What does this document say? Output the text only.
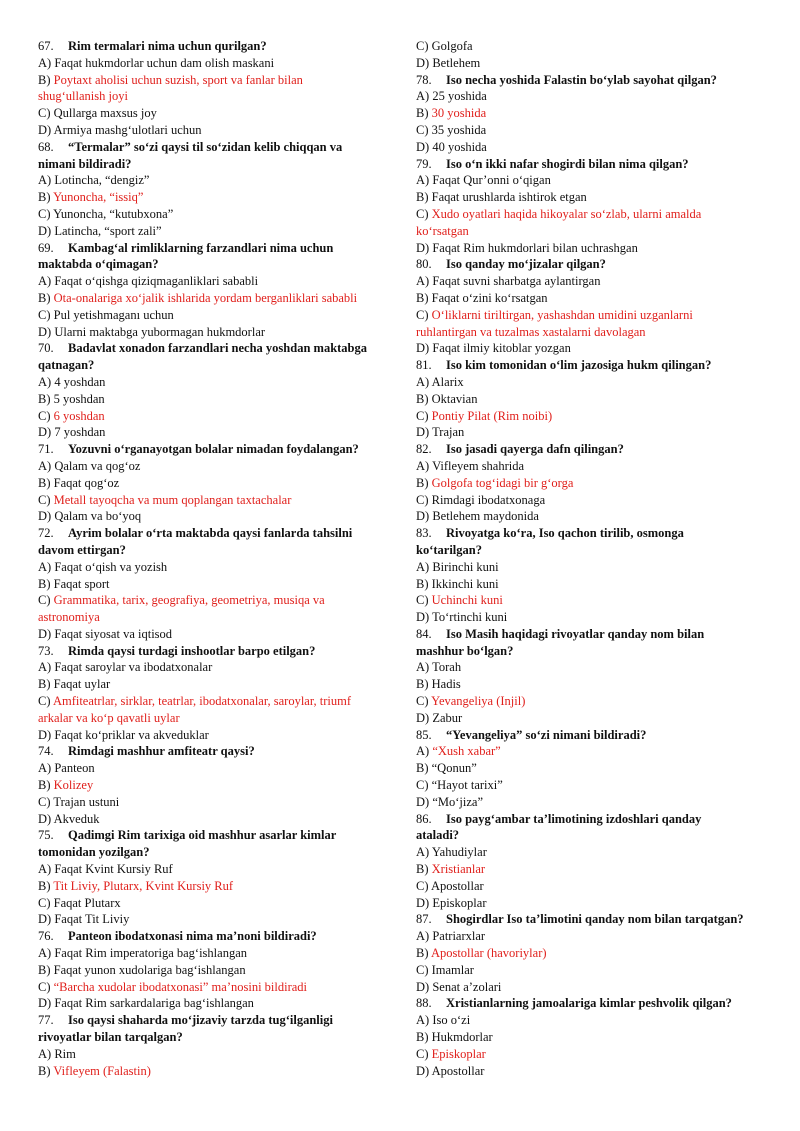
67. Rim termalari nima uchun qurilgan?

A) Faqat hukmdorlar uchun dam olish maskani

B) Poytaxt aholisi uchun suzish, sport va fanlar bilan

shug‘ullanish joyi

C) Qullarga maxsus joy

D) Armiya mashg‘ulotlari uchun

68. “Termalar” so‘zi qaysi til so‘zidan kelib chiqqan va

nimani bildiradi?

A) Lotincha, “dengiz”

B) Yunoncha, “issiq”

C) Yunoncha, “kutubxona”

D) Latincha, “sport zali”

69. Kambag‘al rimliklarning farzandlari nima uchun

maktabda o‘qimagan?

A) Faqat o‘qishga qiziqmaganliklari sababli

B) Ota-onalariga xo‘jalik ishlarida yordam berganliklari sababli

C) Pul yetishmaganı uchun

D) Ularni maktabga yubormagan hukmdorlar

70. Badavlat xonadon farzandlari necha yoshdan maktabga

qatnagan?

A) 4 yoshdan

B) 5 yoshdan

C) 6 yoshdan

D) 7 yoshdan

71. Yozuvni o‘rganayotgan bolalar nimadan foydalangan?

A) Qalam va qog‘oz

B) Faqat qog‘oz

C) Metall tayoqcha va mum qoplangan taxtachalar

D) Qalam va bo‘yoq

72. Ayrim bolalar o‘rta maktabda qaysi fanlarda tahsilni

davom ettirgan?

A) Faqat o‘qish va yozish

B) Faqat sport

C) Grammatika, tarix, geografiya, geometriya, musiqa va

astronomiya

D) Faqat siyosat va iqtisod

73. Rimda qaysi turdagi inshootlar barpo etilgan?

A) Faqat saroylar va ibodatxonalar

B) Faqat uylar

C) Amfiteatrlar, sirklar, teatrlar, ibodatxonalar, saroylar, triumf

arkalar va ko‘p qavatli uylar

D) Faqat ko‘priklar va akveduklar

74. Rimdagi mashhur amfiteatr qaysi?

A) Panteon

B) Kolizey

C) Trajan ustuni

D) Akveduk

75. Qadimgi Rim tarixiga oid mashhur asarlar kimlar

tomonidan yozilgan?

A) Faqat Kvint Kursiy Ruf

B) Tit Liviy, Plutarx, Kvint Kursiy Ruf

C) Faqat Plutarx

D) Faqat Tit Liviy

76. Panteon ibodatxonasi nima ma’noni bildiradi?

A) Faqat Rim imperatoriga bag‘ishlangan

B) Faqat yunon xudolariga bag‘ishlangan

C) “Barcha xudolar ibodatxonasi” ma’nosini bildiradi

D) Faqat Rim sarkardalariga bag‘ishlangan

77. Iso qaysi shaharda mo‘jizaviy tarzda tug‘ilganligi

rivoyatlar bilan tarqalgan?

A) Rim

B) Vifleyem (Falastin)

C) Golgofa

D) Betlehem

78. Iso necha yoshida Falastin bo‘ylab sayohat qilgan?

A) 25 yoshida

B) 30 yoshida

C) 35 yoshida

D) 40 yoshida

79. Iso o‘n ikki nafar shogirdi bilan nima qilgan?

A) Faqat Qur’onni o‘qigan

B) Faqat urushlarda ishtirok etgan

C) Xudo oyatlari haqida hikoyalar so‘zlab, ularni amalda

ko‘rsatgan

D) Faqat Rim hukmdorlari bilan uchrashgan

80. Iso qanday mo‘jizalar qilgan?

A) Faqat suvni sharbatga aylantirgan

B) Faqat o‘zini ko‘rsatgan

C) O‘liklarni tiriltirgan, yashashdan umidini uzganlarni

ruhlantirgan va tuzalmas xastalarni davolagan

D) Faqat ilmiy kitoblar yozgan

81. Iso kim tomonidan o‘lim jazosiga hukm qilingan?

A) Alarix

B) Oktavian

C) Pontiy Pilat (Rim noibi)

D) Trajan

82. Iso jasadi qayerga dafn qilingan?

A) Vifleyem shahrida

B) Golgofa tog‘idagi bir g‘orga

C) Rimdagi ibodatxonaga

D) Betlehem maydonida

83. Rivoyatga ko‘ra, Iso qachon tirilib, osmonga

ko‘tarilgan?

A) Birinchi kuni

B) Ikkinchi kuni

C) Uchinchi kuni

D) To‘rtinchi kuni

84. Iso Masih haqidagi rivoyatlar qanday nom bilan

mashhur bo‘lgan?

A) Torah

B) Hadis

C) Yevangeliya (Injil)

D) Zabur

85. “Yevangeliya” so‘zi nimani bildiradi?

A) “Xush xabar”

B) “Qonun”

C) “Hayot tarixi”

D) “Mo‘jiza”

86. Isо payg‘ambar ta’limotining izdoshlari qanday

ataladi?

A) Yahudiylar

B) Xristianlar

C) Apostollar

D) Episkoplar

87. Shogirdlar Iso ta’limotini qanday nom bilan tarqatgan?

A) Patriarxlar

B) Apostollar (havoriylar)

C) Imamlar

D) Senat a’zolari

88. Xristianlarning jamoalariga kimlar peshvolik qilgan?

A) Iso o‘zi

B) Hukmdorlar

C) Episkoplar

D) Apostollar
